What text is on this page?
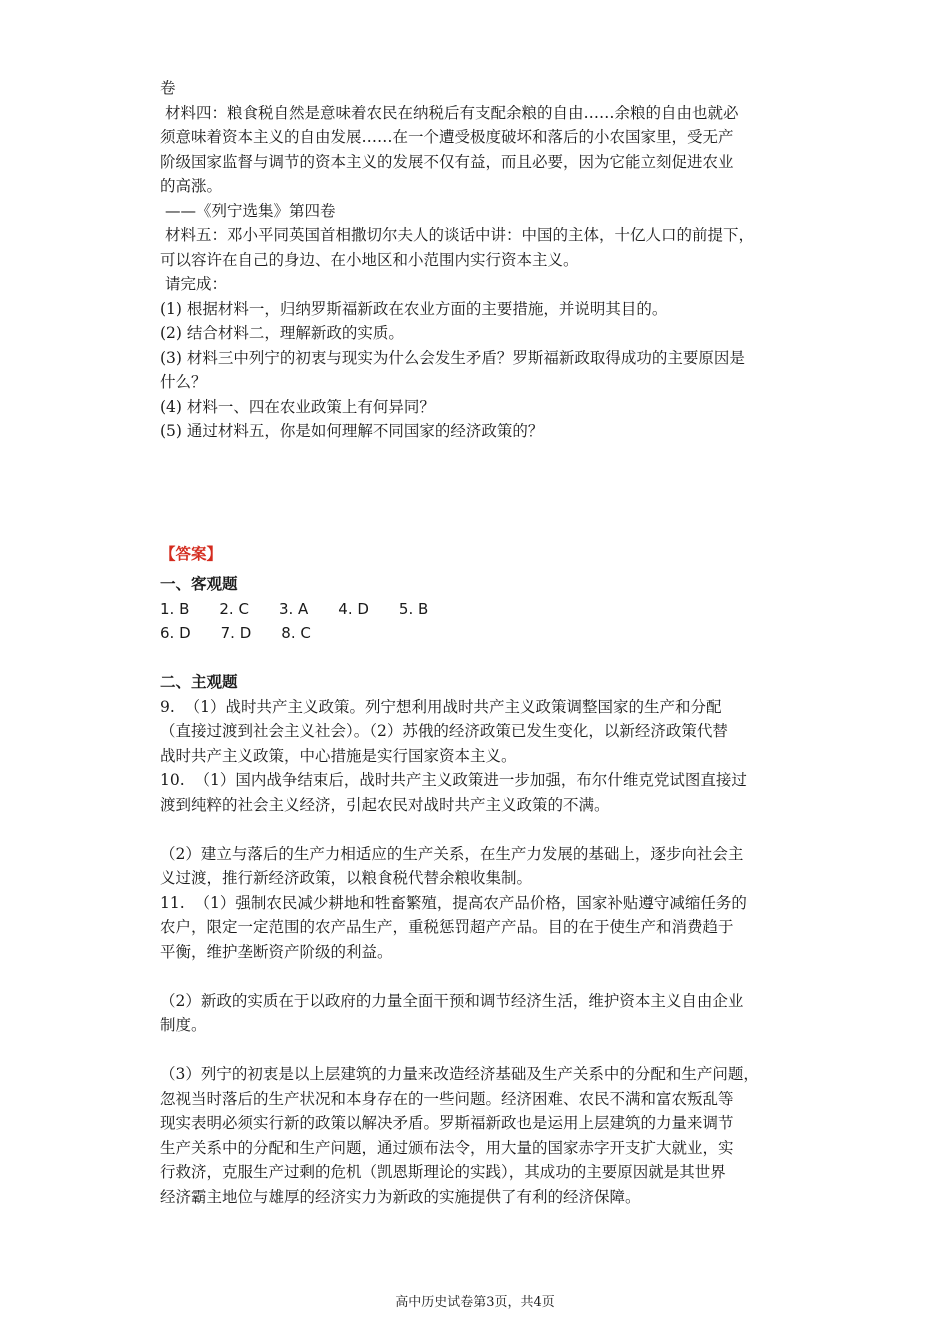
卷

材料四：粮食税自然是意味着农民在纳税后有支配余粮的自由……余粮的自由也就必

须意味着资本主义的自由发展……在一个遭受极度破坏和落后的小农国家里，受无产

阶级国家监督与调节的资本主义的发展不仅有益，而且必要，因为它能立刻促进农业

的高涨。

——《列宁选集》第四卷

材料五：邓小平同英国首相撒切尔夫人的谈话中讲：中国的主体，十亿人口的前提下，

可以容许在自己的身边、在小地区和小范围内实行资本主义。

请完成：

(1) 根据材料一，归纳罗斯福新政在农业方面的主要措施，并说明其目的。

(2) 结合材料二，理解新政的实质。

(3) 材料三中列宁的初衷与现实为什么会发生矛盾？罗斯福新政取得成功的主要原因是

什么？

(4) 材料一、四在农业政策上有何异同？

(5) 通过材料五，你是如何理解不同国家的经济政策的？

【答案】

一、客观题

1. B 2. C 3. A 4. D 5. B
6. D 7. D 8. C

二、主观题

9.  （1）战时共产主义政策。列宁想利用战时共产主义政策调整国家的生产和分配

（直接过渡到社会主义社会）。（2）苏俄的经济政策已发生变化，以新经济政策代替

战时共产主义政策，中心措施是实行国家资本主义。

10.  （1）国内战争结束后，战时共产主义政策进一步加强，布尔什维克党试图直接过

渡到纯粹的社会主义经济，引起农民对战时共产主义政策的不满。

（2）建立与落后的生产力相适应的生产关系，在生产力发展的基础上，逐步向社会主

义过渡，推行新经济政策，以粮食税代替余粮收集制。

11.  （1）强制农民减少耕地和牲畜繁殖，提高农产品价格，国家补贴遵守减缩任务的

农户，限定一定范围的农产品生产，重税惩罚超产产品。目的在于使生产和消费趋于

平衡，维护垄断资产阶级的利益。

（2）新政的实质在于以政府的力量全面干预和调节经济生活，维护资本主义自由企业

制度。

（3）列宁的初衷是以上层建筑的力量来改造经济基础及生产关系中的分配和生产问题，

忽视当时落后的生产状况和本身存在的一些问题。经济困难、农民不满和富农叛乱等

现实表明必须实行新的政策以解决矛盾。罗斯福新政也是运用上层建筑的力量来调节

生产关系中的分配和生产问题，通过颁布法令，用大量的国家赤字开支扩大就业，实

行救济，克服生产过剩的危机（凯恩斯理论的实践），其成功的主要原因就是其世界

经济霸主地位与雄厚的经济实力为新政的实施提供了有利的经济保障。

高中历史试卷第3页，共4页
